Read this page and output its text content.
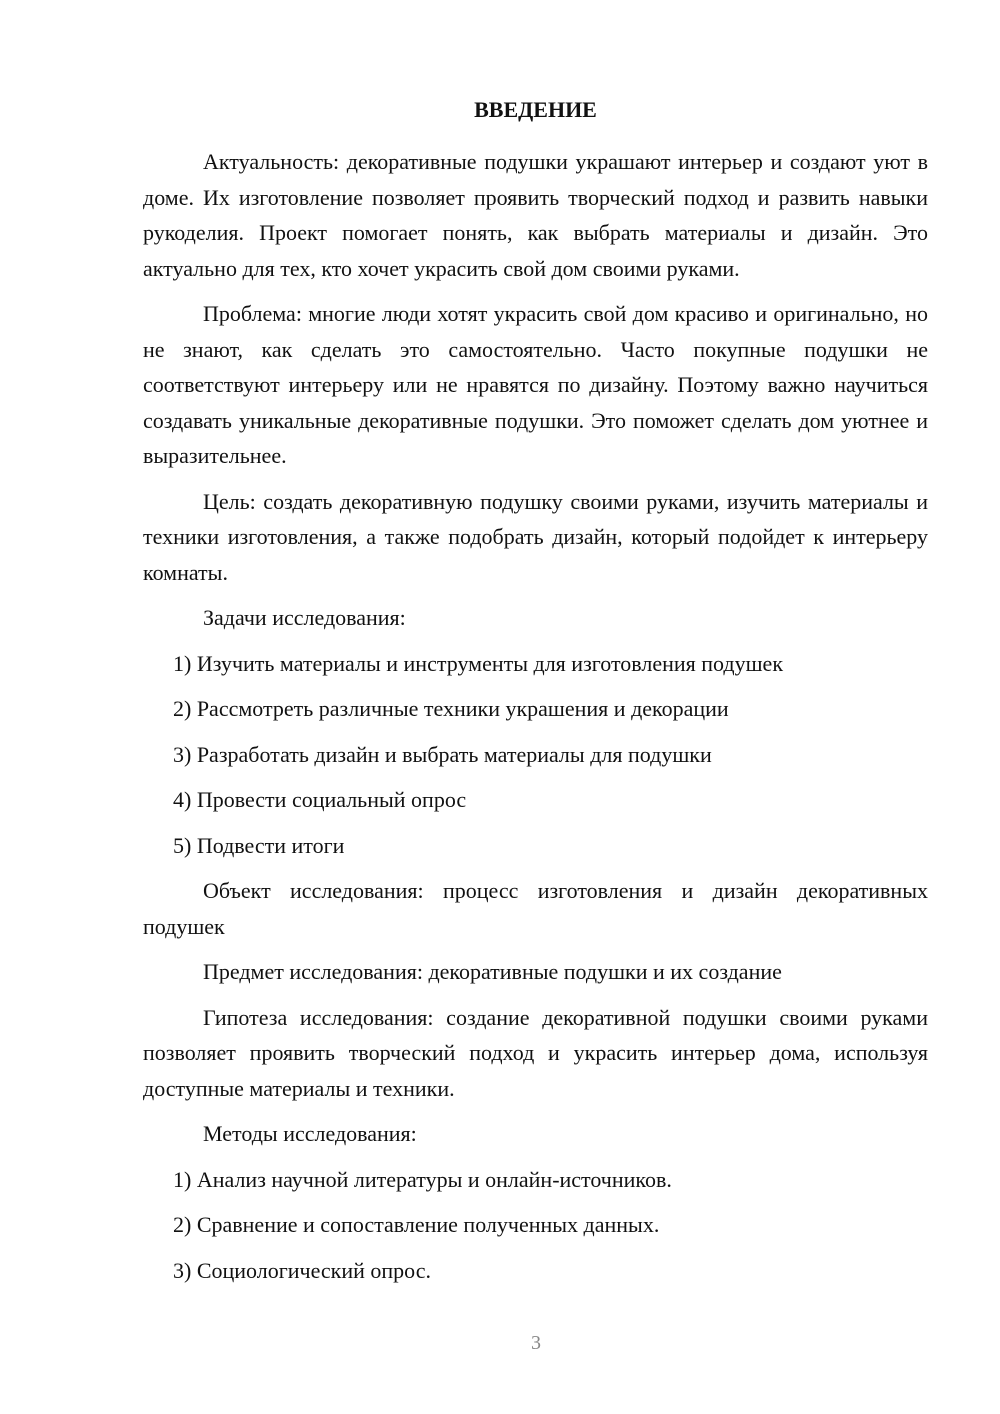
ВВЕДЕНИЕ

Актуальность: декоративные подушки украшают интерьер и создают уют в доме. Их изготовление позволяет проявить творческий подход и развить навыки рукоделия. Проект помогает понять, как выбрать материалы и дизайн. Это актуально для тех, кто хочет украсить свой дом своими руками.

Проблема: многие люди хотят украсить свой дом красиво и оригинально, но не знают, как сделать это самостоятельно. Часто покупные подушки не соответствуют интерьеру или не нравятся по дизайну. Поэтому важно научиться создавать уникальные декоративные подушки. Это поможет сделать дом уютнее и выразительнее.

Цель: создать декоративную подушку своими руками, изучить материалы и техники изготовления, а также подобрать дизайн, который подойдет к интерьеру комнаты.

Задачи исследования:

1) Изучить материалы и инструменты для изготовления подушек
2) Рассмотреть различные техники украшения и декорации
3) Разработать дизайн и выбрать материалы для подушки
4) Провести социальный опрос
5) Подвести итоги

Объект исследования: процесс изготовления и дизайн декоративных подушек

Предмет исследования: декоративные подушки и их создание

Гипотеза исследования: создание декоративной подушки своими руками позволяет проявить творческий подход и украсить интерьер дома, используя доступные материалы и техники.

Методы исследования:

1) Анализ научной литературы и онлайн-источников.
2) Сравнение и сопоставление полученных данных.
3) Социологический опрос.
3
